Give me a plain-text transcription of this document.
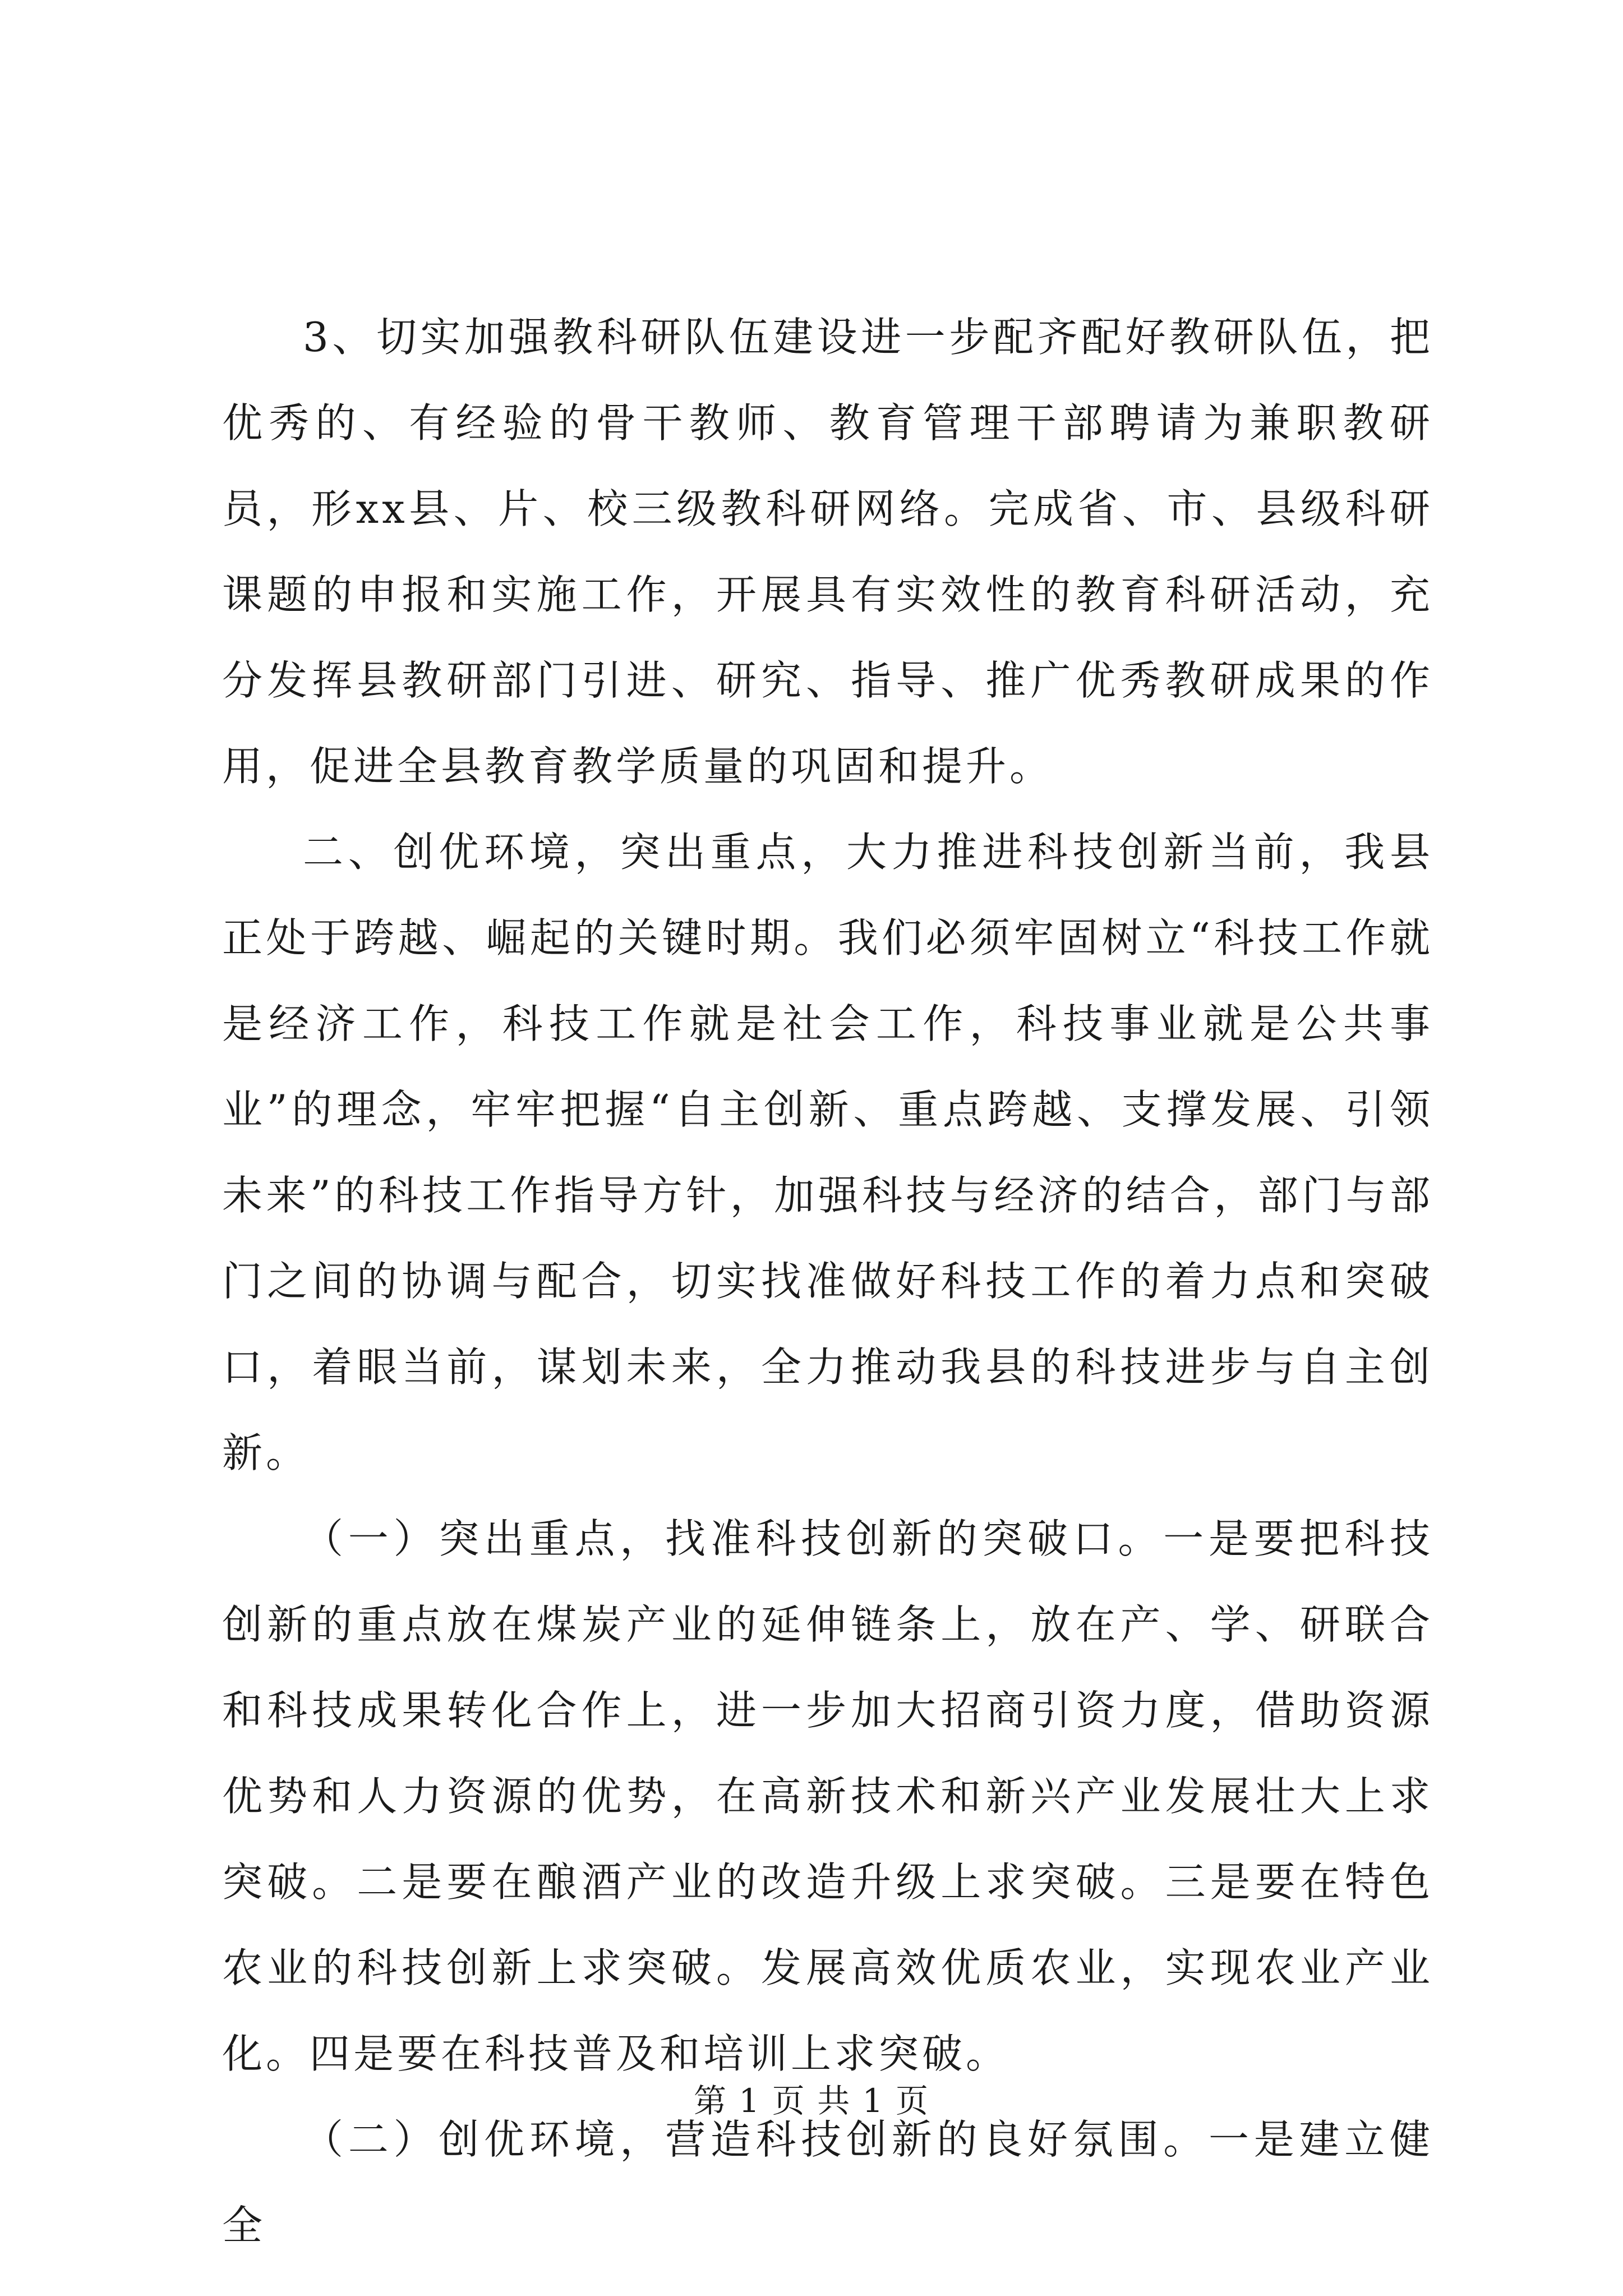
3、切实加强教科研队伍建设进一步配齐配好教研队伍，把优秀的、有经验的骨干教师、教育管理干部聘请为兼职教研员，形xx县、片、校三级教科研网络。完成省、市、县级科研课题的申报和实施工作，开展具有实效性的教育科研活动，充分发挥县教研部门引进、研究、指导、推广优秀教研成果的作用，促进全县教育教学质量的巩固和提升。

二、创优环境，突出重点，大力推进科技创新当前，我县正处于跨越、崛起的关键时期。我们必须牢固树立“科技工作就是经济工作，科技工作就是社会工作，科技事业就是公共事业”的理念，牢牢把握“自主创新、重点跨越、支撑发展、引领未来”的科技工作指导方针，加强科技与经济的结合，部门与部门之间的协调与配合，切实找准做好科技工作的着力点和突破口，着眼当前，谋划未来，全力推动我县的科技进步与自主创新。

（一）突出重点，找准科技创新的突破口。一是要把科技创新的重点放在煤炭产业的延伸链条上，放在产、学、研联合和科技成果转化合作上，进一步加大招商引资力度，借助资源优势和人力资源的优势，在高新技术和新兴产业发展壮大上求突破。二是要在酿酒产业的改造升级上求突破。三是要在特色农业的科技创新上求突破。发展高效优质农业，实现农业产业化。四是要在科技普及和培训上求突破。

（二）创优环境，营造科技创新的良好氛围。一是建立健全

第 1 页 共 1 页
